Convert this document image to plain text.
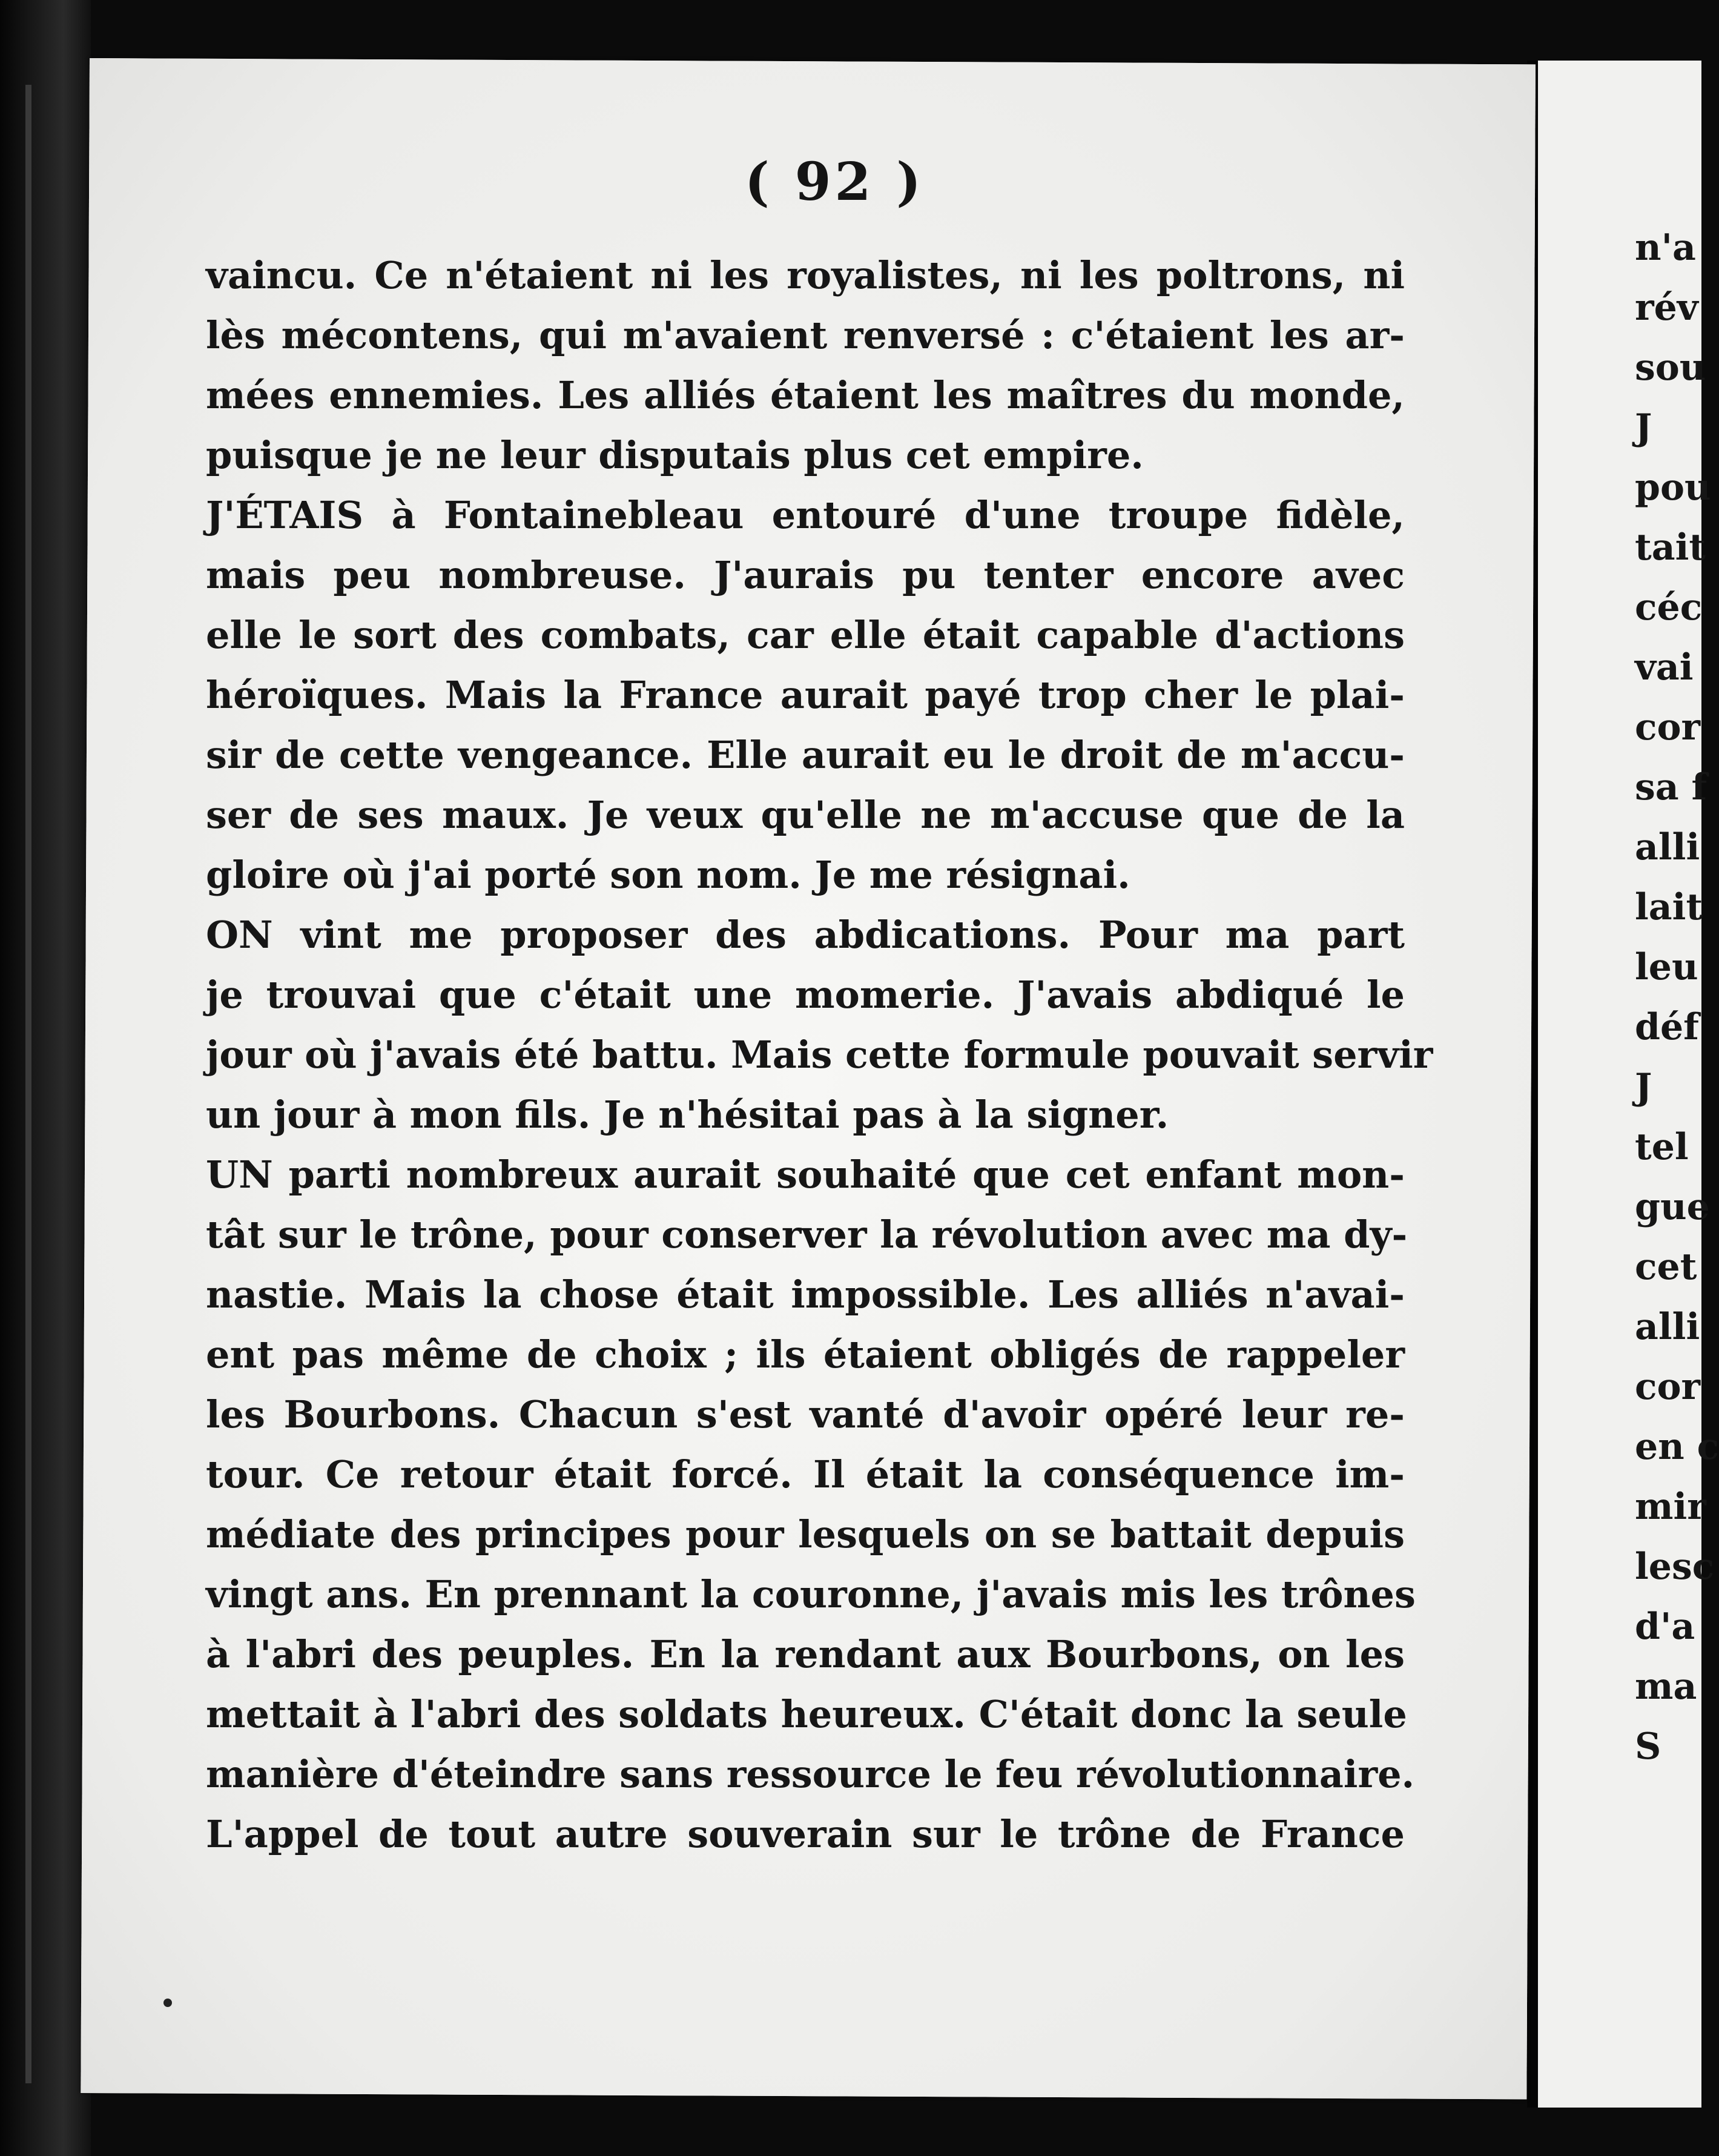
n'a
rév
sou
J
pou
tait
céc
vai
cor
sa f
alli
lait
leu
déf
J
tel
gue
cet
alli
cor
en c
mir
lesc
d'a
ma
S
( 92 )
vaincu. Ce n'étaient ni les royalistes, ni les poltrons, ni
lès mécontens, qui m'avaient renversé : c'étaient les ar-
mées ennemies. Les alliés étaient les maîtres du monde,
puisque je ne leur disputais plus cet empire.
J'ÉTAIS à Fontainebleau entouré d'une troupe fidèle,
mais peu nombreuse. J'aurais pu tenter encore avec
elle le sort des combats, car elle était capable d'actions
héroïques. Mais la France aurait payé trop cher le plai-
sir de cette vengeance. Elle aurait eu le droit de m'accu-
ser de ses maux. Je veux qu'elle ne m'accuse que de la
gloire où j'ai porté son nom. Je me résignai.
ON vint me proposer des abdications. Pour ma part
je trouvai que c'était une momerie. J'avais abdiqué le
jour où j'avais été battu. Mais cette formule pouvait servir
un jour à mon fils. Je n'hésitai pas à la signer.
UN parti nombreux aurait souhaité que cet enfant mon-
tât sur le trône, pour conserver la révolution avec ma dy-
nastie. Mais la chose était impossible. Les alliés n'avai-
ent pas même de choix ; ils étaient obligés de rappeler
les Bourbons. Chacun s'est vanté d'avoir opéré leur re-
tour. Ce retour était forcé. Il était la conséquence im-
médiate des principes pour lesquels on se battait depuis
vingt ans. En prennant la couronne, j'avais mis les trônes
à l'abri des peuples. En la rendant aux Bourbons, on les
mettait à l'abri des soldats heureux. C'était donc la seule
manière d'éteindre sans ressource le feu révolutionnaire.
L'appel de tout autre souverain sur le trône de France
